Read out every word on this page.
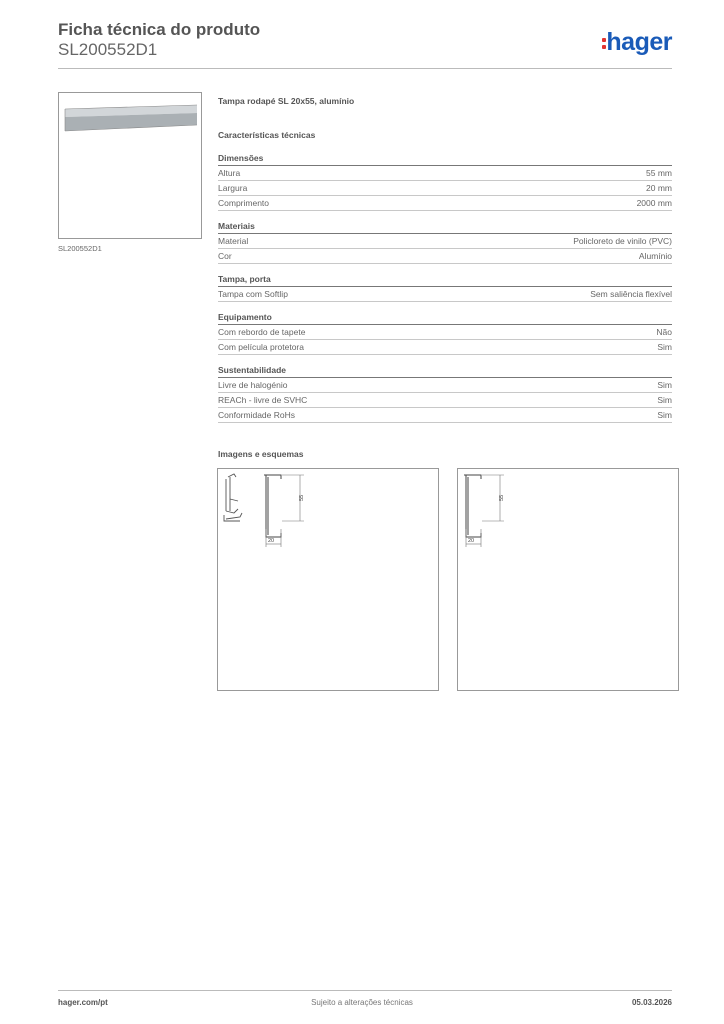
Ficha técnica do produto
SL200552D1	hager
SL200552D1
Tampa rodapé SL 20x55, alumínio
Características técnicas
Dimensões
Altura	55 mm
Largura	20 mm
Comprimento	2000 mm
Materiais
Material	Policloreto de vinilo (PVC)
Cor	Alumínio
Tampa, porta
Tampa com Softlip	Sem saliência flexível
Equipamento
Com rebordo de tapete	Não
Com película protetora	Sim
Sustentabilidade
Livre de halogénio	Sim
REACh - livre de SVHC	Sim
Conformidade RoHs	Sim
Imagens e esquemas
55
20
55
20
hager.com/pt	Sujeito a alterações técnicas	05.03.2026
